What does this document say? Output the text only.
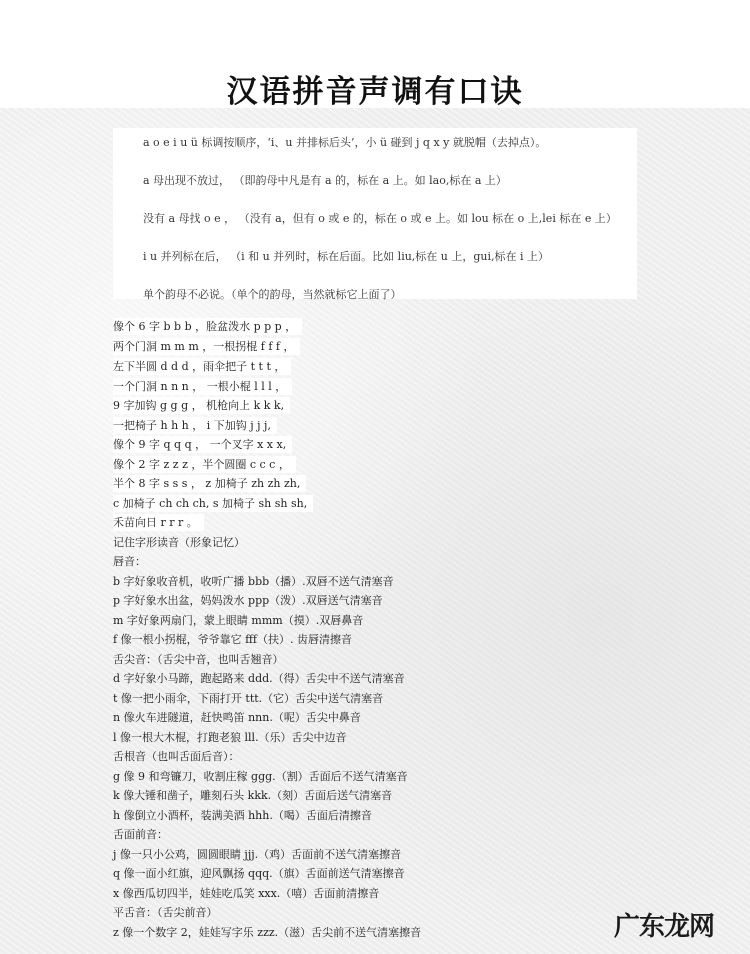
汉语拼音声调有口诀

a o e i u ü 标调按顺序，‘i、u 并排标后头’，小 ü 碰到 j q x y 就脱帽（去掉点）。

a 母出现不放过， （即韵母中凡是有 a 的，标在 a 上。如 lao,标在 a 上）

没有 a 母找 o e ， （没有 a，但有 o 或 e 的，标在 o 或 e 上。如 lou 标在 o 上,lei 标在 e 上）

i u 并列标在后， （i 和 u 并列时，标在后面。比如 liu,标在 u 上，gui,标在 i 上）

单个韵母不必说。（单个的韵母，当然就标它上面了）

像个 6 字 b b b ，脸盆泼水 p p p ，
两个门洞 m m m ，一根拐棍 f f f ，
左下半圆 d d d ，雨伞把子 t t t ，
一个门洞 n n n ， 一根小棍 l l l ，
9 字加钩 g g g ， 机枪向上 k k k,
一把椅子 h h h ， i 下加钩 j j j,
像个 9 字 q q q ， 一个叉字 x x x,
像个 2 字 z z z ，半个圆圈 c c c ，
半个 8 字 s s s ， z 加椅子 zh zh zh,
c 加椅子 ch ch ch, s 加椅子 sh sh sh,
禾苗向日 r r r 。
记住字形读音（形象记忆）
唇音：
b 字好象收音机，收听广播 bbb（播）.双唇不送气清塞音
p 字好象水出盆，妈妈泼水 ppp（泼）.双唇送气清塞音
m 字好象两扇门，蒙上眼睛 mmm（摸）.双唇鼻音
f 像一根小拐棍，爷爷靠它 fff（扶）. 齿唇清擦音
舌尖音：（舌尖中音，也叫舌翘音）
d 字好象小马蹄，跑起路来 ddd.（得）舌尖中不送气清塞音
t 像一把小雨伞，下雨打开 ttt.（它）舌尖中送气清塞音
n 像火车进隧道，赶快鸣笛 nnn.（呢）舌尖中鼻音
l 像一根大木棍，打跑老狼 lll.（乐）舌尖中边音
舌根音（也叫舌面后音）：
g 像 9 和弯镰刀，收割庄稼 ggg.（割）舌面后不送气清塞音
k 像大锤和凿子，雕刻石头 kkk.（刻）舌面后送气清塞音
h 像倒立小酒杯，装满美酒 hhh.（喝）舌面后清擦音
舌面前音：
j 像一只小公鸡，圆圆眼睛 jjj.（鸡）舌面前不送气清塞擦音
q 像一面小红旗，迎风飘扬 qqq.（旗）舌面前送气清塞擦音
x 像西瓜切四半，娃娃吃瓜笑 xxx.（嘻）舌面前清擦音
平舌音：（舌尖前音）
z 像一个数字 2，娃娃写字乐 zzz.（滋）舌尖前不送气清塞擦音	广东龙网
